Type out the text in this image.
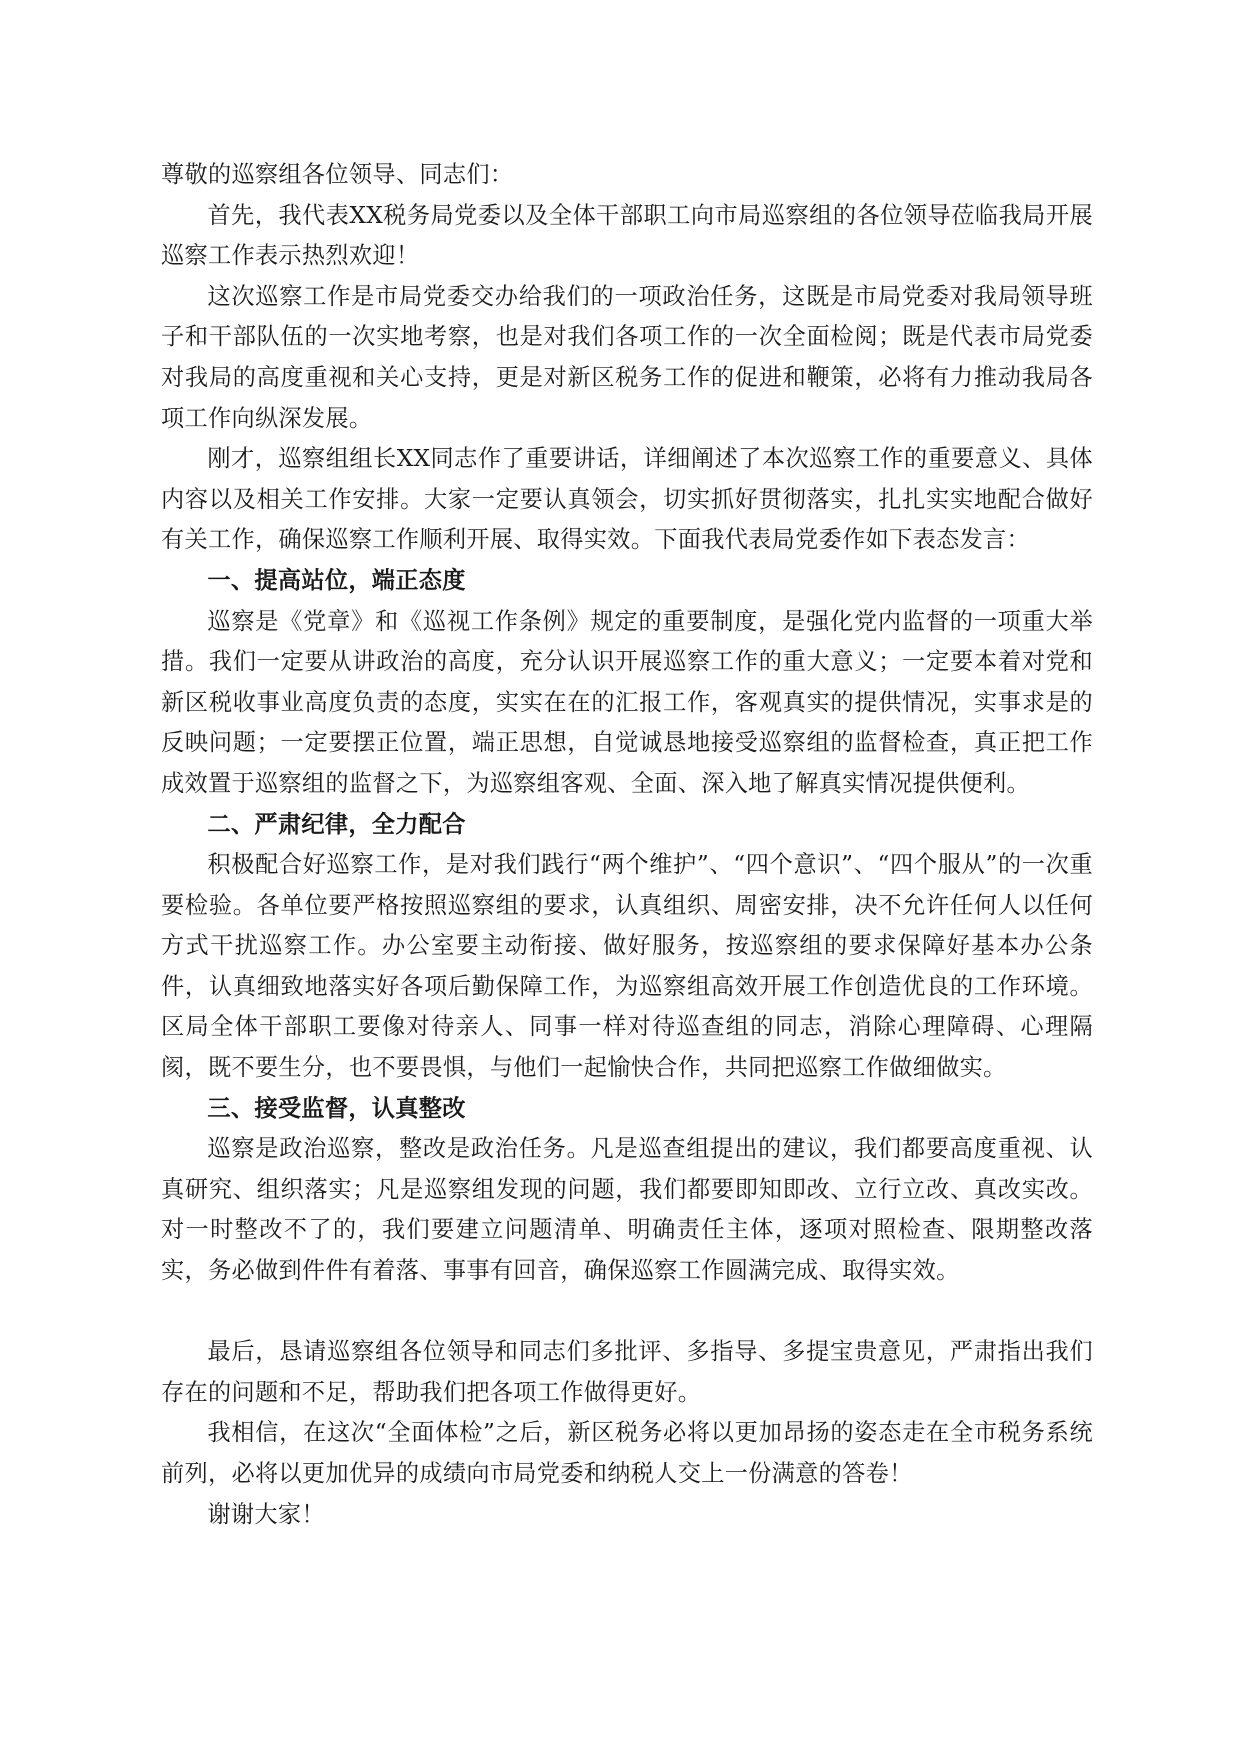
尊敬的巡察组各位领导、同志们：

首先，我代表XX税务局党委以及全体干部职工向市局巡察组的各位领导莅临我局开展巡察工作表示热烈欢迎！

这次巡察工作是市局党委交办给我们的一项政治任务，这既是市局党委对我局领导班子和干部队伍的一次实地考察，也是对我们各项工作的一次全面检阅；既是代表市局党委对我局的高度重视和关心支持，更是对新区税务工作的促进和鞭策，必将有力推动我局各项工作向纵深发展。

刚才，巡察组组长XX同志作了重要讲话，详细阐述了本次巡察工作的重要意义、具体内容以及相关工作安排。大家一定要认真领会，切实抓好贯彻落实，扎扎实实地配合做好有关工作，确保巡察工作顺利开展、取得实效。下面我代表局党委作如下表态发言：

一、提高站位，端正态度

巡察是《党章》和《巡视工作条例》规定的重要制度，是强化党内监督的一项重大举措。我们一定要从讲政治的高度，充分认识开展巡察工作的重大意义；一定要本着对党和新区税收事业高度负责的态度，实实在在的汇报工作，客观真实的提供情况，实事求是的反映问题；一定要摆正位置，端正思想，自觉诚恳地接受巡察组的监督检查，真正把工作成效置于巡察组的监督之下，为巡察组客观、全面、深入地了解真实情况提供便利。

二、严肃纪律，全力配合

积极配合好巡察工作，是对我们践行“两个维护”、“四个意识”、“四个服从”的一次重要检验。各单位要严格按照巡察组的要求，认真组织、周密安排，决不允许任何人以任何方式干扰巡察工作。办公室要主动衔接、做好服务，按巡察组的要求保障好基本办公条件，认真细致地落实好各项后勤保障工作，为巡察组高效开展工作创造优良的工作环境。区局全体干部职工要像对待亲人、同事一样对待巡查组的同志，消除心理障碍、心理隔阂，既不要生分，也不要畏惧，与他们一起愉快合作，共同把巡察工作做细做实。

三、接受监督，认真整改

巡察是政治巡察，整改是政治任务。凡是巡查组提出的建议，我们都要高度重视、认真研究、组织落实；凡是巡察组发现的问题，我们都要即知即改、立行立改、真改实改。对一时整改不了的，我们要建立问题清单、明确责任主体，逐项对照检查、限期整改落实，务必做到件件有着落、事事有回音，确保巡察工作圆满完成、取得实效。

最后，恳请巡察组各位领导和同志们多批评、多指导、多提宝贵意见，严肃指出我们存在的问题和不足，帮助我们把各项工作做得更好。

我相信，在这次“全面体检”之后，新区税务必将以更加昂扬的姿态走在全市税务系统前列，必将以更加优异的成绩向市局党委和纳税人交上一份满意的答卷！

谢谢大家！
